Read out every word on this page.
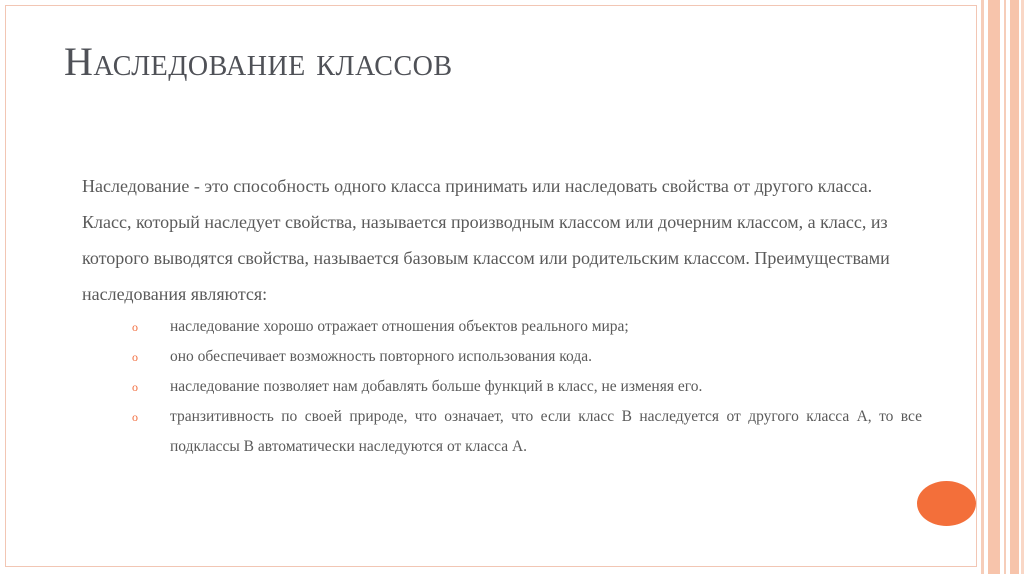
Наследование классов

Наследование - это способность одного класса принимать или наследовать свойства от другого класса. Класс, который наследует свойства, называется производным классом или дочерним классом, а класс, из которого выводятся свойства, называется базовым классом или родительским классом. Преимуществами наследования являются:

o наследование хорошо отражает отношения объектов реального мира;
o оно обеспечивает возможность повторного использования кода.
o наследование позволяет нам добавлять больше функций в класс, не изменяя его.
o транзитивность по своей природе, что означает, что если класс B наследуется от другого класса A, то все подклассы B автоматически наследуются от класса A.
